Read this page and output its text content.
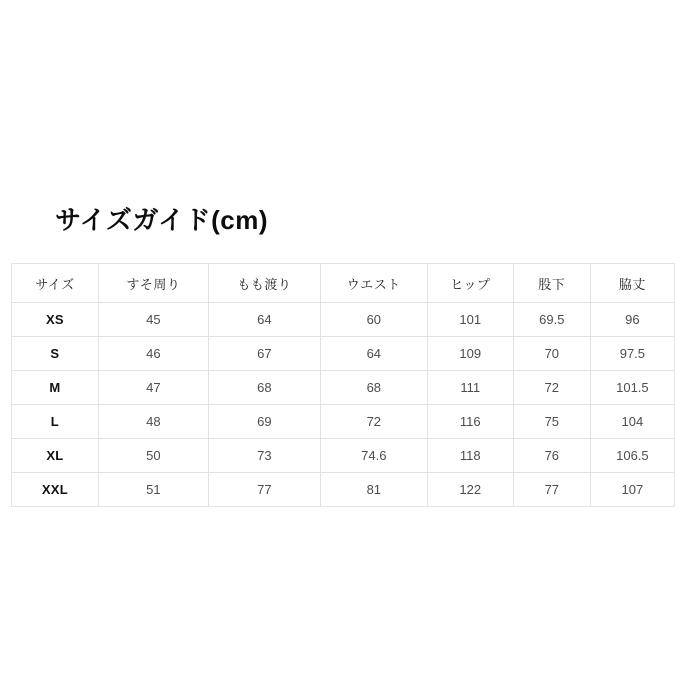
サイズガイド(cm)
サイズ	すそ周り	もも渡り	ウエスト	ヒップ	股下	脇丈
XS	45	64	60	101	69.5	96
S	46	67	64	109	70	97.5
M	47	68	68	111	72	101.5
L	48	69	72	116	75	104
XL	50	73	74.6	118	76	106.5
XXL	51	77	81	122	77	107
